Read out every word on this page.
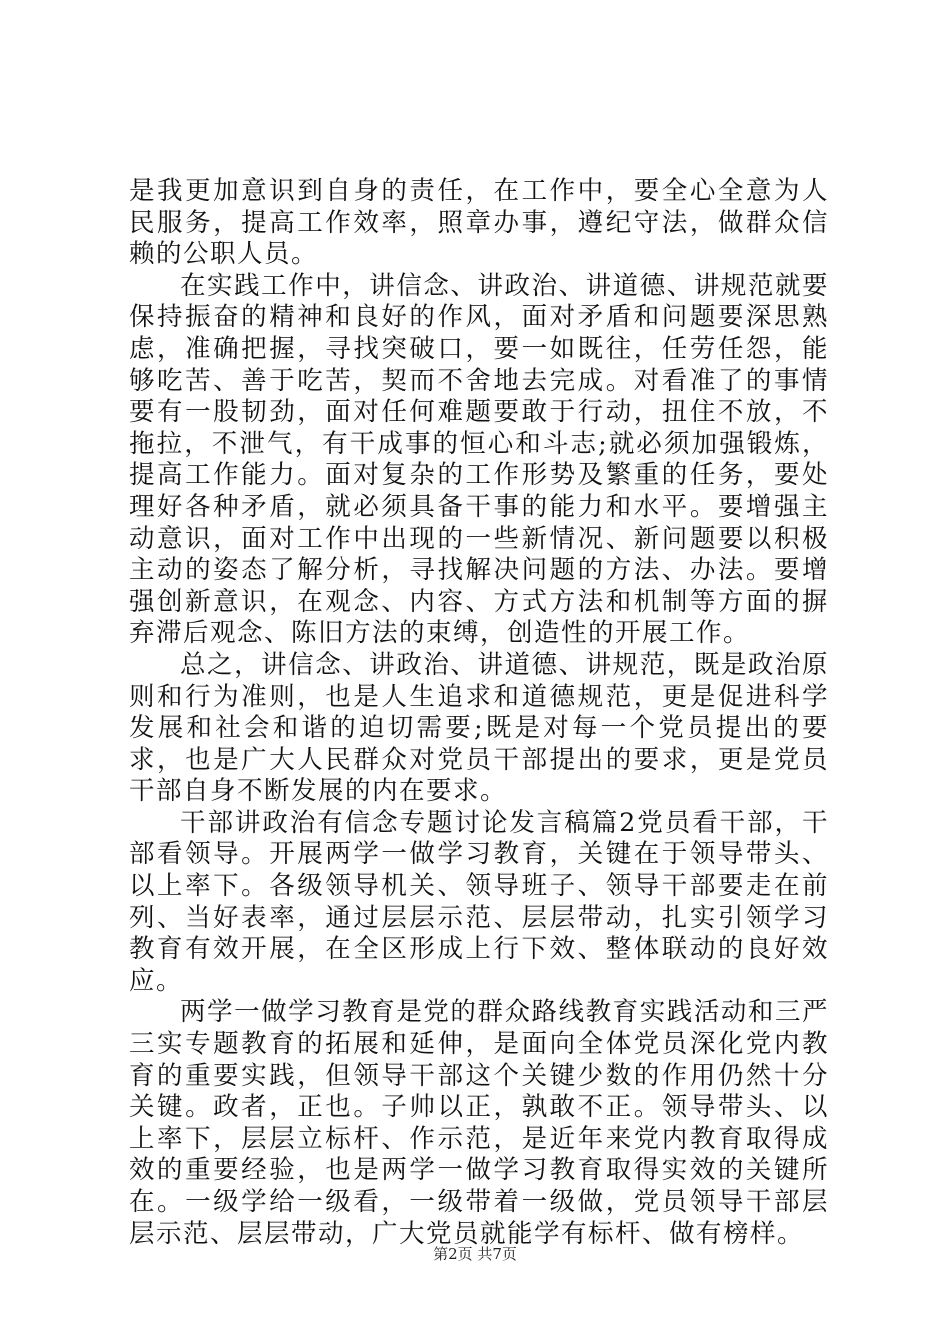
是我更加意识到自身的责任，在工作中，要全心全意为人民服务，提高工作效率，照章办事，遵纪守法，做群众信赖的公职人员。

在实践工作中，讲信念、讲政治、讲道德、讲规范就要保持振奋的精神和良好的作风，面对矛盾和问题要深思熟虑，准确把握，寻找突破口，要一如既往，任劳任怨，能够吃苦、善于吃苦，契而不舍地去完成。对看准了的事情要有一股韧劲，面对任何难题要敢于行动，扭住不放，不拖拉，不泄气，有干成事的恒心和斗志;就必须加强锻炼，提高工作能力。面对复杂的工作形势及繁重的任务，要处理好各种矛盾，就必须具备干事的能力和水平。要增强主动意识，面对工作中出现的一些新情况、新问题要以积极主动的姿态了解分析，寻找解决问题的方法、办法。要增强创新意识，在观念、内容、方式方法和机制等方面的摒弃滞后观念、陈旧方法的束缚，创造性的开展工作。

总之，讲信念、讲政治、讲道德、讲规范，既是政治原则和行为准则，也是人生追求和道德规范，更是促进科学发展和社会和谐的迫切需要;既是对每一个党员提出的要求，也是广大人民群众对党员干部提出的要求，更是党员干部自身不断发展的内在要求。

干部讲政治有信念专题讨论发言稿篇2党员看干部，干部看领导。开展两学一做学习教育，关键在于领导带头、以上率下。各级领导机关、领导班子、领导干部要走在前列、当好表率，通过层层示范、层层带动，扎实引领学习教育有效开展，在全区形成上行下效、整体联动的良好效应。

两学一做学习教育是党的群众路线教育实践活动和三严三实专题教育的拓展和延伸，是面向全体党员深化党内教育的重要实践，但领导干部这个关键少数的作用仍然十分关键。政者，正也。子帅以正，孰敢不正。领导带头、以上率下，层层立标杆、作示范，是近年来党内教育取得成效的重要经验，也是两学一做学习教育取得实效的关键所在。一级学给一级看，一级带着一级做，党员领导干部层层示范、层层带动，广大党员就能学有标杆、做有榜样。

第2页 共7页
